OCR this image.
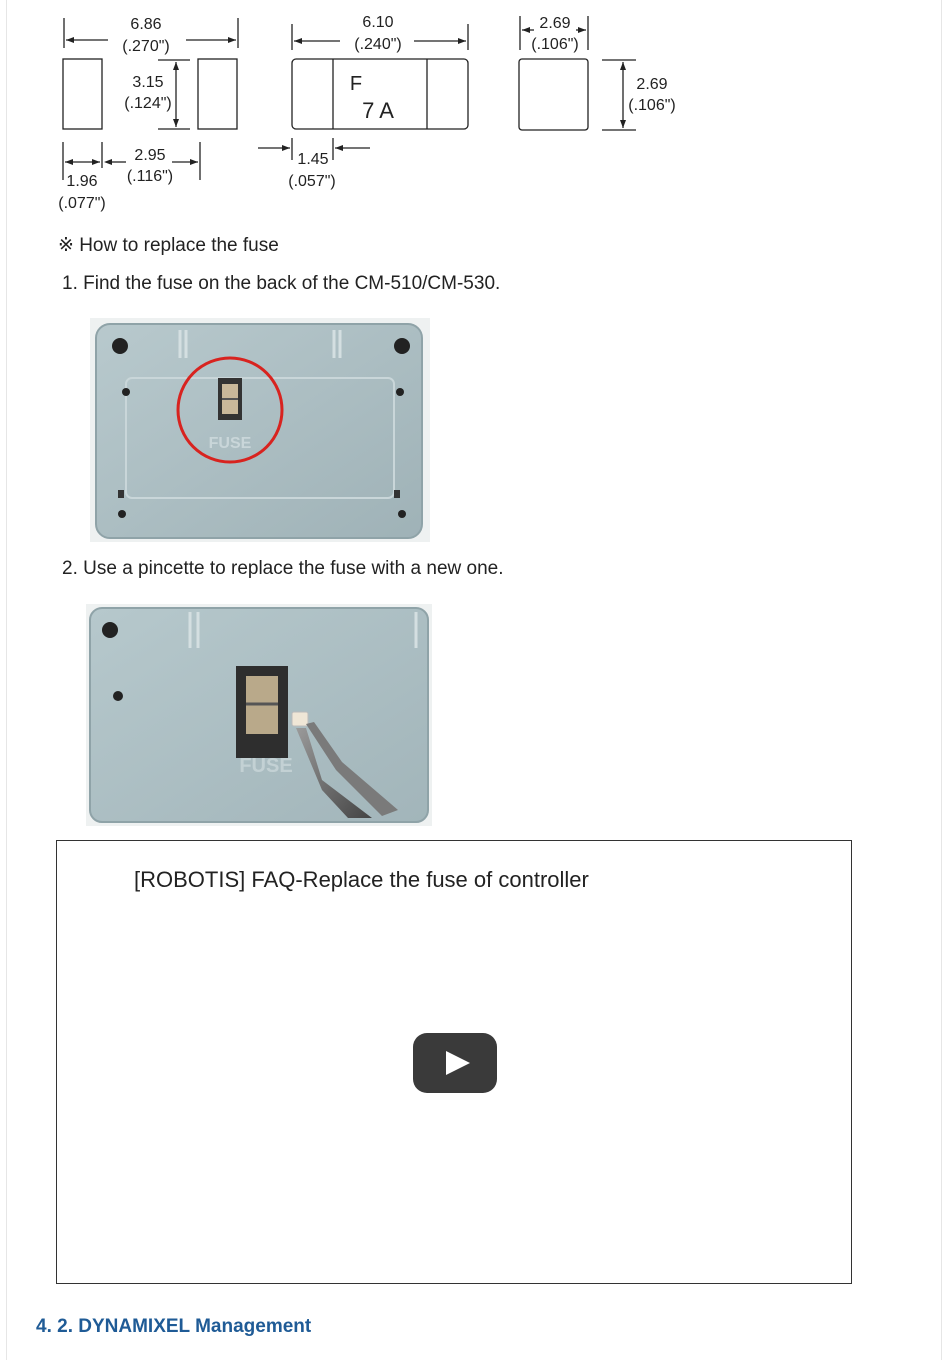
6.86
(.270")
3.15
(.124")
2.95
(.116")
1.96
(.077")
6.10
(.240")
F
7 A
1.45
(.057")
2.69
(.106")
2.69
(.106")
※ How to replace the fuse
1. Find the fuse on the back of the CM-510/CM-530.
FUSE
2. Use a pincette to replace the fuse with a new one.
FUSE
[ROBOTIS] FAQ-Replace the fuse of controller
4. 2. DYNAMIXEL Management
